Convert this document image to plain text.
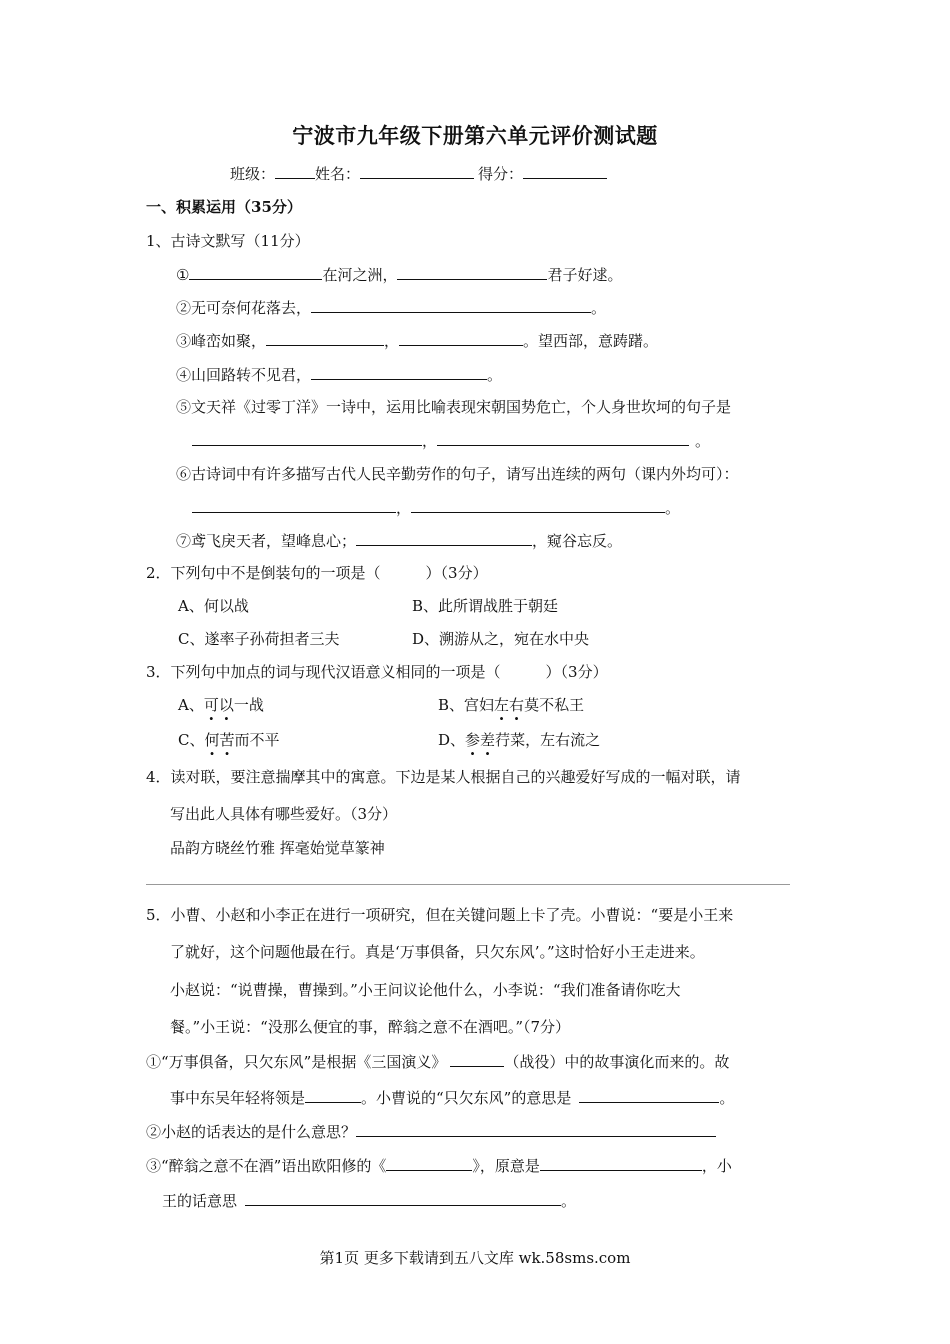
宁波市九年级下册第六单元评价测试题
班级：	姓名：	得分：
一、积累运用（35分）
1、古诗文默写（11分）
①	在河之洲，	君子好逑。
②无可奈何花落去，	。
③峰峦如聚，	，	。望西部，意踌躇。
④山回路转不见君，	。
⑤文天祥《过零丁洋》一诗中，运用比喻表现宋朝国势危亡，个人身世坎坷的句子是
，	。
⑥古诗词中有许多描写古代人民辛勤劳作的句子，请写出连续的两句（课内外均可）：
，	。
⑦鸢飞戾天者，望峰息心；	，窥谷忘反。
2．下列句中不是倒装句的一项是（　　　）（3分）
A、何以战	B、此所谓战胜于朝廷
C、遂率子孙荷担者三夫	D、溯游从之，宛在水中央
3．下列句中加点的词与现代汉语意义相同的一项是（　　　）（3分）
A、可以一战	B、宫妇左右莫不私王
C、何苦而不平	D、参差荇菜，左右流之
4．读对联，要注意揣摩其中的寓意。下边是某人根据自己的兴趣爱好写成的一幅对联，请
写出此人具体有哪些爱好。（3分）
品韵方晓丝竹雅 挥毫始觉草篆神
5．小曹、小赵和小李正在进行一项研究，但在关键问题上卡了壳。小曹说：“要是小王来
了就好，这个问题他最在行。真是‘万事俱备，只欠东风’。”这时恰好小王走进来。
小赵说：“说曹操，曹操到。”小王问议论他什么，小李说：“我们准备请你吃大
餐。”小王说：“没那么便宜的事，醉翁之意不在酒吧。”（7分）
①“万事俱备，只欠东风”是根据《三国演义》	（战役）中的故事演化而来的。故
事中东吴年轻将领是	。小曹说的“只欠东风”的意思是	。
②小赵的话表达的是什么意思？
③“醉翁之意不在酒”语出欧阳修的《	》，原意是	，小
王的话意思	。
第1页 更多下载请到五八文库 wk.58sms.com
